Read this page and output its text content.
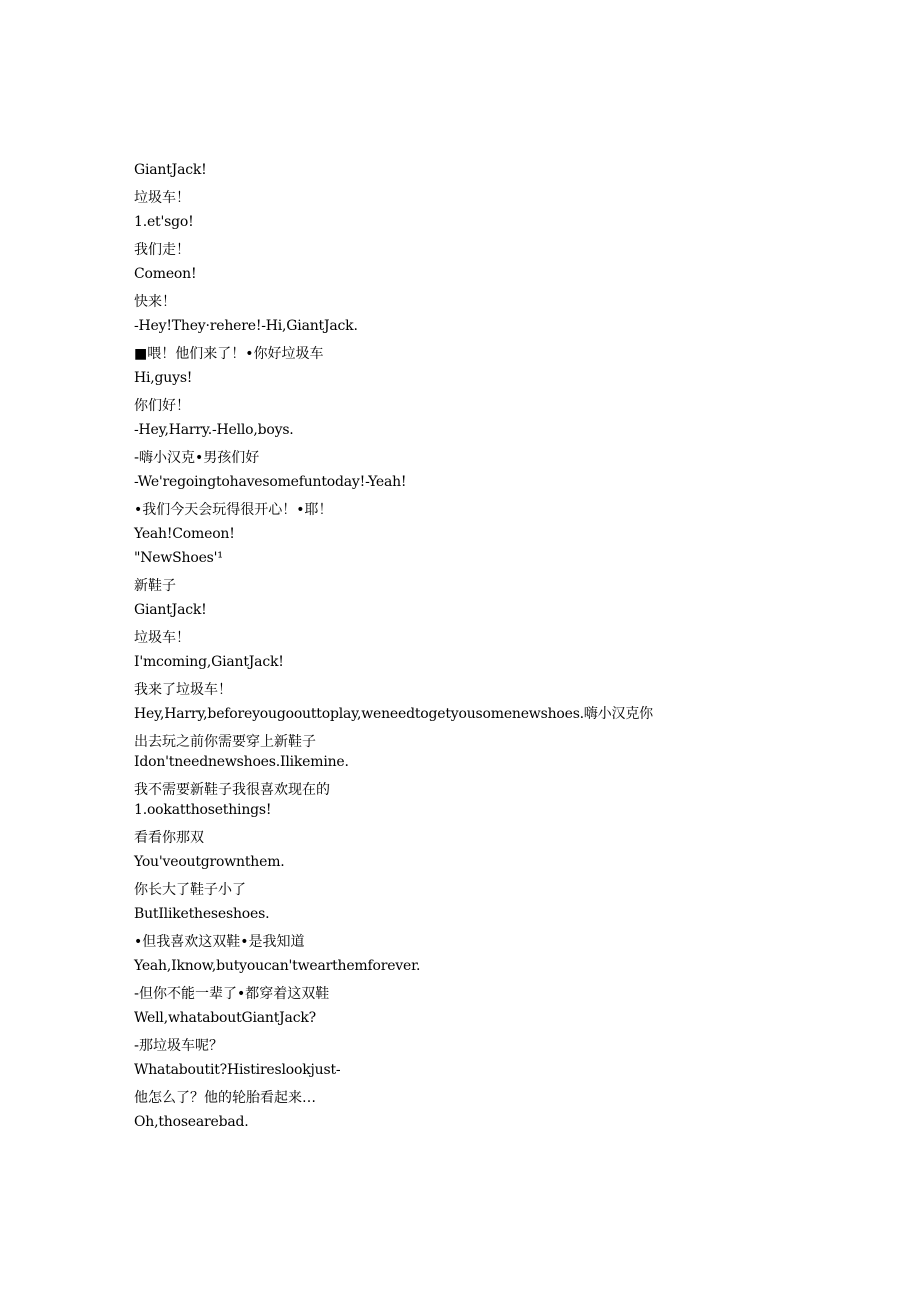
GiantJack!
垃圾车！
1.et'sgo!
我们走！
Comeon!
快来！
-Hey!They·rehere!-Hi,GiantJack.
■喂！他们来了！•你好垃圾车
Hi,guys!
你们好！
-Hey,Harry.-Hello,boys.
-嗨小汉克•男孩们好
-We'regoingtohavesomefuntoday!-Yeah!
•我们今天会玩得很开心！•耶！
Yeah!Comeon!
"NewShoes'¹
新鞋子
GiantJack!
垃圾车！
I'mcoming,GiantJack!
我来了垃圾车！
Hey,Harry,beforeyougoouttoplay,weneedtogetyousomenewshoes.嗨小汉克你
出去玩之前你需要穿上新鞋子
Idon'tneednewshoes.Ilikemine.
我不需要新鞋子我很喜欢现在的
1.ookatthosethings!
看看你那双
You'veoutgrownthem.
你长大了鞋子小了
ButIliketheseshoes.
•但我喜欢这双鞋•是我知道
Yeah,Iknow,butyoucan'twearthemforever.
-但你不能一辈了•都穿着这双鞋
Well,whataboutGiantJack?
-那垃圾车呢？
Whataboutit?Histireslookjust-
他怎么了？他的轮胎看起来…
Oh,thosearebad.
